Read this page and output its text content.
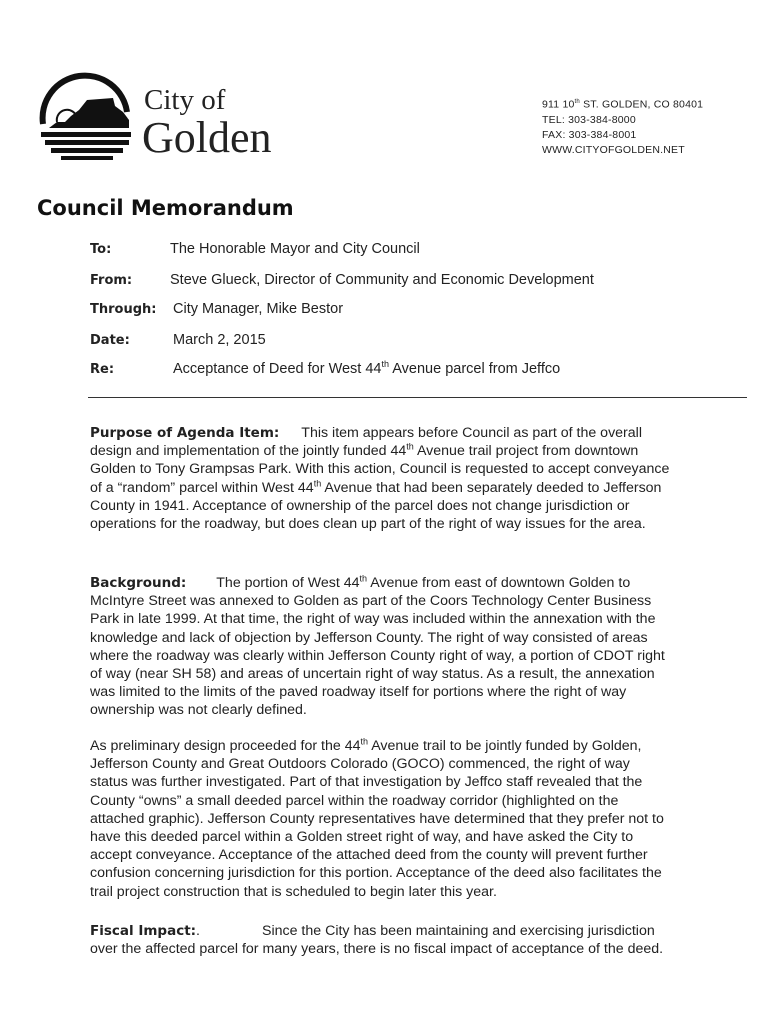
City of
Golden
911 10th ST. GOLDEN, CO 80401
TEL: 303-384-8000
FAX: 303-384-8001
WWW.CITYOFGOLDEN.NET
Council Memorandum
To:	The Honorable Mayor and City Council
From:	Steve Glueck, Director of Community and Economic Development
Through: City Manager, Mike Bestor
Date:	March 2, 2015
Re:	Acceptance of Deed for West 44th Avenue parcel from Jeffco

Purpose of Agenda Item: This item appears before Council as part of the overall design and implementation of the jointly funded 44th Avenue trail project from downtown Golden to Tony Grampsas Park. With this action, Council is requested to accept conveyance of a “random” parcel within West 44th Avenue that had been separately deeded to Jefferson County in 1941. Acceptance of ownership of the parcel does not change jurisdiction or operations for the roadway, but does clean up part of the right of way issues for the area.

Background: The portion of West 44th Avenue from east of downtown Golden to McIntyre Street was annexed to Golden as part of the Coors Technology Center Business Park in late 1999. At that time, the right of way was included within the annexation with the knowledge and lack of objection by Jefferson County. The right of way consisted of areas where the roadway was clearly within Jefferson County right of way, a portion of CDOT right of way (near SH 58) and areas of uncertain right of way status. As a result, the annexation was limited to the limits of the paved roadway itself for portions where the right of way ownership was not clearly defined.

As preliminary design proceeded for the 44th Avenue trail to be jointly funded by Golden, Jefferson County and Great Outdoors Colorado (GOCO) commenced, the right of way status was further investigated. Part of that investigation by Jeffco staff revealed that the County “owns” a small deeded parcel within the roadway corridor (highlighted on the attached graphic). Jefferson County representatives have determined that they prefer not to have this deeded parcel within a Golden street right of way, and have asked the City to accept conveyance. Acceptance of the attached deed from the county will prevent further confusion concerning jurisdiction for this portion. Acceptance of the deed also facilitates the trail project construction that is scheduled to begin later this year.

Fiscal Impact:.	Since the City has been maintaining and exercising jurisdiction over the affected parcel for many years, there is no fiscal impact of acceptance of the deed.
